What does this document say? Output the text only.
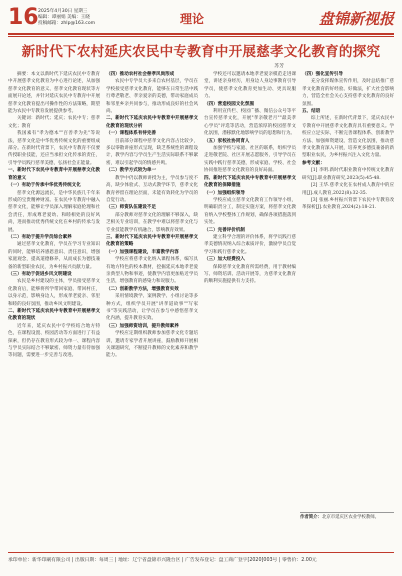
16 2025年4月30日 星期三
编辑：谭丽娟 美编：王晓
投稿邮箱：zhlp@163.com	理论	盘锦新视报
新时代下农村延庆农民中专教育中开展慈孝文化教育的探究
苏芳

摘要：本文以新时代下延庆农民中专教育中开展慈孝文化教育为中心进行论述，从加强慈孝文化教育的意义、慈孝文化教育现状等方面展开论述，并针对延庆农民中专教育中开展慈孝文化教育提出可操作性的方法策略，期望能为农民中专教育发展提供参考。

关键词：新时代；延庆；农民中专；慈孝文化；教育

我国素有"孝为德本""百善孝为先"等说法，慈孝文化是中华优秀传统文化的重要组成部分。在新时代背景下，农民中专教育不仅要传授职业技能，还应当承担文化传承的责任，引导学员践行慈孝美德，弘扬社会正能量。

一、新时代下农民中专教育中开展慈孝文化教育的意义

（一）有助于传承中华优秀传统文化

慈孝文化源远流长，是中华民族几千年来形成的宝贵精神财富。在农民中专教育中融入慈孝文化，能够让学员深入理解家庭伦理和社会责任，形成尊老爱幼、和睦相处的良好风尚，进而推动优秀传统文化在乡村的传承与发展。

（二）有助于提升学员综合素养

通过慈孝文化教育，学员在学习专业知识的同时，能够培养感恩意识、责任意识，增强家庭观念，提高道德修养，从而成长为德技兼备的新型职业农民，为乡村振兴贡献力量。

（三）有助于促进乡风文明建设

农民是乡村建设的主体，学员接受慈孝文化教育后，能够将所学带回家庭、带回村庄，以身示范，影响身边人，形成孝老爱亲、邻里和睦的良好氛围，推动乡风文明建设。

二、新时代下延庆农民中专教育中开展慈孝文化教育的现状

近年来，延庆农民中专学校结合地方特色，在课程设置、校园活动等方面进行了有益探索，但仍存在教育形式较为单一、课程内容与学员实际结合不够紧密、师资力量有待加强等问题，需要进一步完善与改进。

（四）推动农村社会慈孝风尚形成

农民中专学员大多来自农村基层，学员在学校接受慈孝文化教育，能够在日常生活中践行尊老敬老、孝亲爱亲的美德，带动家庭成员和邻里乡亲共同参与，推动形成良好的社会风尚。

二、新时代下延庆农民中专教育中开展慈孝文化教育的现状分析

（一）课程体系有待完善

目前部分课程中慈孝文化内容占比较少，多以零散讲座形式呈现，缺乏系统性的课程设计，教学内容与学员生产生活实际联系不够紧密，难以引起学员的情感共鸣。

（二）教学方式较为单一

教学中仍以教师讲授为主，学员参与度不高，缺少体验式、互动式教学环节，慈孝文化教育停留在理论层面，未能有效转化为学员的自觉行动。

（三）师资队伍建设不足

部分教师对慈孝文化的理解不够深入，缺乏相关专业培训，在教学中难以将慈孝文化与专业技能教学有机融合，影响教育效果。

三、新时代下延庆农民中专教育中开展慈孝文化教育的策略

（一）加强课程建设，丰富教学内容

学校应将慈孝文化纳入课程体系，编写具有地方特色的校本教材，挖掘延庆本地孝老爱亲典型人物和事迹，使教学内容更加贴近学员生活，增强教育的感染力和说服力。

（二）创新教学方法，增强教育实效

采用情境教学、案例教学、小组讨论等多种方式，组织学员开展"讲孝道故事""写家书"等实践活动，让学员在参与中感悟慈孝文化内涵，提升教育实效。

（三）加强师资培训，提升教师素养

学校应定期组织教师参加慈孝文化专题培训，邀请专家学者开展讲座，鼓励教师开展相关课题研究，不断提升教师的文化素养和教学能力。

学校还可以邀请本地孝老爱亲模范走进课堂，讲述亲身经历，用身边人身边事教育引导学员，使慈孝文化教育更加生动、更具说服力。

（四）营造校园文化氛围

利用宣传栏、校园广播、微信公众号等平台宣传慈孝文化，开展"孝亲敬老月""最美孝心学员"评选等活动，营造浓厚的校园慈孝文化氛围，潜移默化地影响学员的思想和行为。

（五）家校社协同育人

加强学校与家庭、社区的联系，组织学员走进敬老院、社区开展志愿服务，引导学员在实践中践行慈孝美德，形成家庭、学校、社会协同推进慈孝文化教育的良好局面。

四、新时代下延庆农民中专教育中开展慈孝文化教育的保障措施

（一）加强组织领导

学校应成立慈孝文化教育工作领导小组，明确职责分工，制定实施方案，将慈孝文化教育纳入学校整体工作规划，确保各项措施落到实处。

（二）完善评价机制

建立科学合理的评价体系，将学员践行慈孝美德情况纳入综合素质评价，激励学员自觉学习和践行慈孝文化。

（三）加大经费投入

保障慈孝文化教育所需经费，用于教材编写、师资培训、活动开展等，为慈孝文化教育的顺利实施提供有力支持。

（四）强化宣传引导

充分发挥媒体宣传作用，及时总结推广慈孝文化教育的好经验、好做法，扩大社会影响力，营造全社会关心支持慈孝文化教育的良好氛围。

五、结语

综上所述，在新时代背景下，延庆农民中专教育中开展慈孝文化教育具有重要意义。学校应立足实际，不断完善课程体系、创新教学方法、加强师资建设、营造文化氛围，推动慈孝文化教育深入开展，培养更多德技兼备的新型职业农民，为乡村振兴注入文化力量。

参考文献：

[1] 李明.新时代职业教育中传统文化教育研究[J].职业教育研究,2023(5):45-48.

[2] 王华.慈孝文化在农村成人教育中的应用[J].成人教育,2022(8):32-35.

[3] 张丽.乡村振兴背景下农民中专教育改革探析[J].农业教育,2024(2):18-21.

作者简介：北京市延庆区农业学校教师。
承印单位：新华印刷有限公司 | 出版日期：每周三 | 地址：辽宁省盘锦市兴隆台区 | 广告发布登记：盘工商广登字[2020]003号 | 零售价：2.00元
